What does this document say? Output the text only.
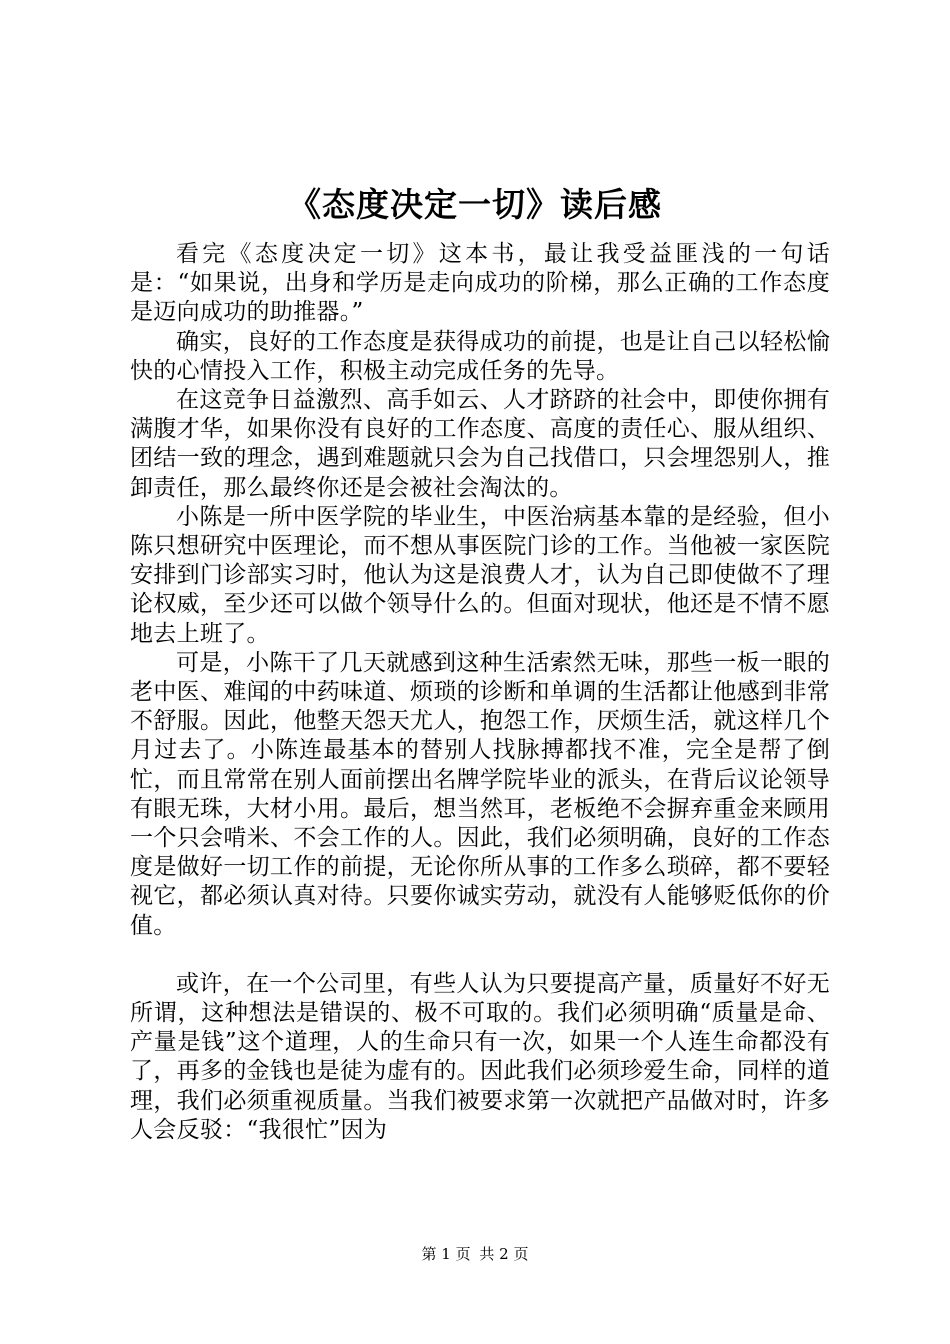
《态度决定一切》读后感

看完《态度决定一切》这本书，最让我受益匪浅的一句话是：“如果说，出身和学历是走向成功的阶梯，那么正确的工作态度是迈向成功的助推器。”

确实，良好的工作态度是获得成功的前提，也是让自己以轻松愉快的心情投入工作，积极主动完成任务的先导。

在这竞争日益激烈、高手如云、人才跻跻的社会中，即使你拥有满腹才华，如果你没有良好的工作态度、高度的责任心、服从组织、团结一致的理念，遇到难题就只会为自己找借口，只会埋怨别人，推卸责任，那么最终你还是会被社会淘汰的。

小陈是一所中医学院的毕业生，中医治病基本靠的是经验，但小陈只想研究中医理论，而不想从事医院门诊的工作。当他被一家医院安排到门诊部实习时，他认为这是浪费人才，认为自己即使做不了理论权威，至少还可以做个领导什么的。但面对现状，他还是不情不愿地去上班了。

可是，小陈干了几天就感到这种生活索然无味，那些一板一眼的老中医、难闻的中药味道、烦琐的诊断和单调的生活都让他感到非常不舒服。因此，他整天怨天尤人，抱怨工作，厌烦生活，就这样几个月过去了。小陈连最基本的替别人找脉搏都找不准，完全是帮了倒忙，而且常常在别人面前摆出名牌学院毕业的派头，在背后议论领导有眼无珠，大材小用。最后，想当然耳，老板绝不会摒弃重金来顾用一个只会啃米、不会工作的人。因此，我们必须明确，良好的工作态度是做好一切工作的前提，无论你所从事的工作多么琐碎，都不要轻视它，都必须认真对待。只要你诚实劳动，就没有人能够贬低你的价值。

或许，在一个公司里，有些人认为只要提高产量，质量好不好无所谓，这种想法是错误的、极不可取的。我们必须明确“质量是命、产量是钱”这个道理，人的生命只有一次，如果一个人连生命都没有了，再多的金钱也是徒为虚有的。因此我们必须珍爱生命，同样的道理，我们必须重视质量。当我们被要求第一次就把产品做对时，许多人会反驳：“我很忙”因为

第 1 页 共 2 页
